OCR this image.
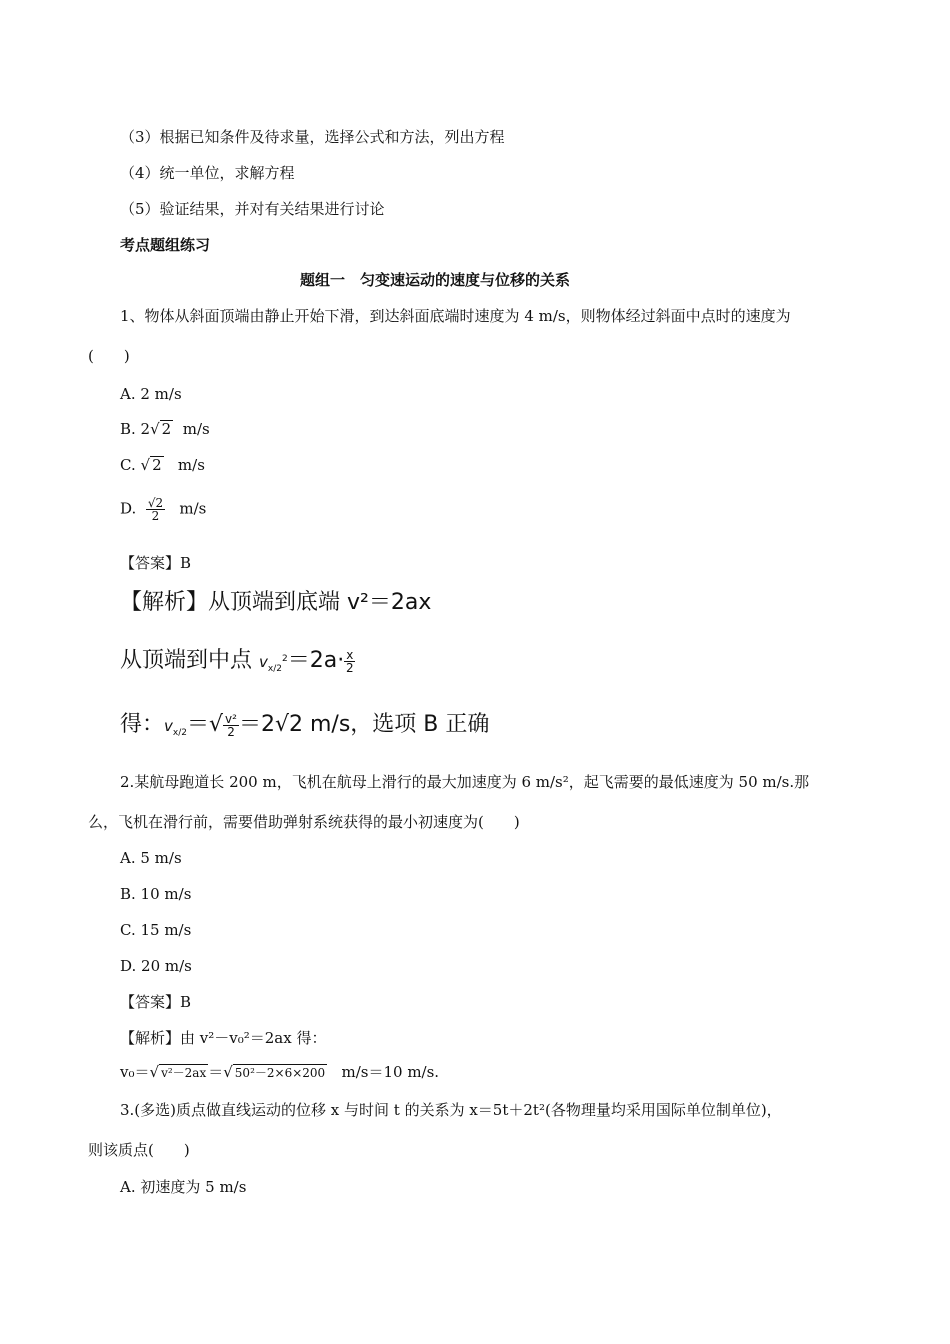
（3）根据已知条件及待求量，选择公式和方法，列出方程
（4）统一单位，求解方程
（5）验证结果，并对有关结果进行讨论
考点题组练习
题组一　匀变速运动的速度与位移的关系
1、物体从斜面顶端由静止开始下滑，到达斜面底端时速度为 4 m/s，则物体经过斜面中点时的速度为
(　　)
A. 2 m/s
B. 2√ 2 m/s
C. √ 2 m/s
D. $\frac{√2}{2} m/s$
【答案】B
【解析】从顶端到底端 v²＝2ax
从顶端到中点 $v_{x/2}^2=2a\cdot \frac{x}{2}$
得：$v_{x/2}=√ \frac{\text{v²}}{2} =2√2$ m/s，选项 B 正确
2.某航母跑道长 200 m，飞机在航母上滑行的最大加速度为 6 m/s²，起飞需要的最低速度为 50 m/s.那
么，飞机在滑行前，需要借助弹射系统获得的最小初速度为(　　)
A. 5 m/s
B. 10 m/s
C. 15 m/s
D. 20 m/s
【答案】B
【解析】由 v²－v₀²＝2ax 得：
v₀＝√ v²－2ax ＝√ 50²－2×6×200 m/s＝10 m/s.
3.(多选)质点做直线运动的位移 x 与时间 t 的关系为 x＝5t＋2t²(各物理量均采用国际单位制单位)，
则该质点(　　)
A. 初速度为 5 m/s
